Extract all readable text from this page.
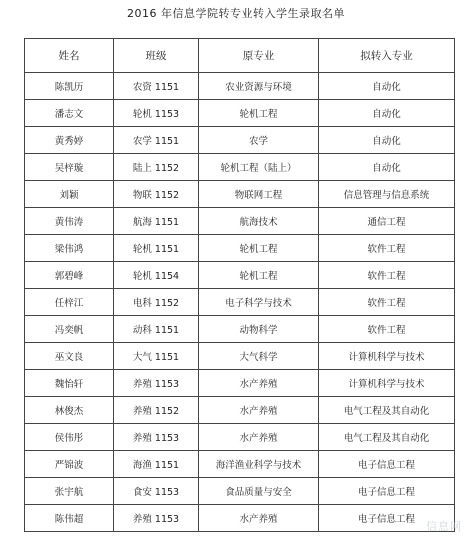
2016 年信息学院转专业转入学生录取名单
姓名	班级	原专业	拟转入专业
陈凯历	农资 1151	农业资源与环境	自动化
潘志文	轮机 1153	轮机工程	自动化
黄秀婷	农学 1151	农学	自动化
吴梓璇	陆上 1152	轮机工程（陆上）	自动化
刘颖	物联 1152	物联网工程	信息管理与信息系统
黄伟涛	航海 1151	航海技术	通信工程
梁伟鸿	轮机 1151	轮机工程	软件工程
郭碧峰	轮机 1154	轮机工程	软件工程
任梓江	电科 1152	电子科学与技术	软件工程
冯奕帆	动科 1151	动物科学	软件工程
巫文良	大气 1151	大气科学	计算机科学与技术
魏怡轩	养殖 1153	水产养殖	计算机科学与技术
林俊杰	养殖 1152	水产养殖	电气工程及其自动化
侯伟彤	养殖 1153	水产养殖	电气工程及其自动化
严锦波	海渔 1151	海洋渔业科学与技术	电子信息工程
张宇航	食安 1153	食品质量与安全	电子信息工程
陈伟超	养殖 1153	水产养殖	电子信息工程
信息网
